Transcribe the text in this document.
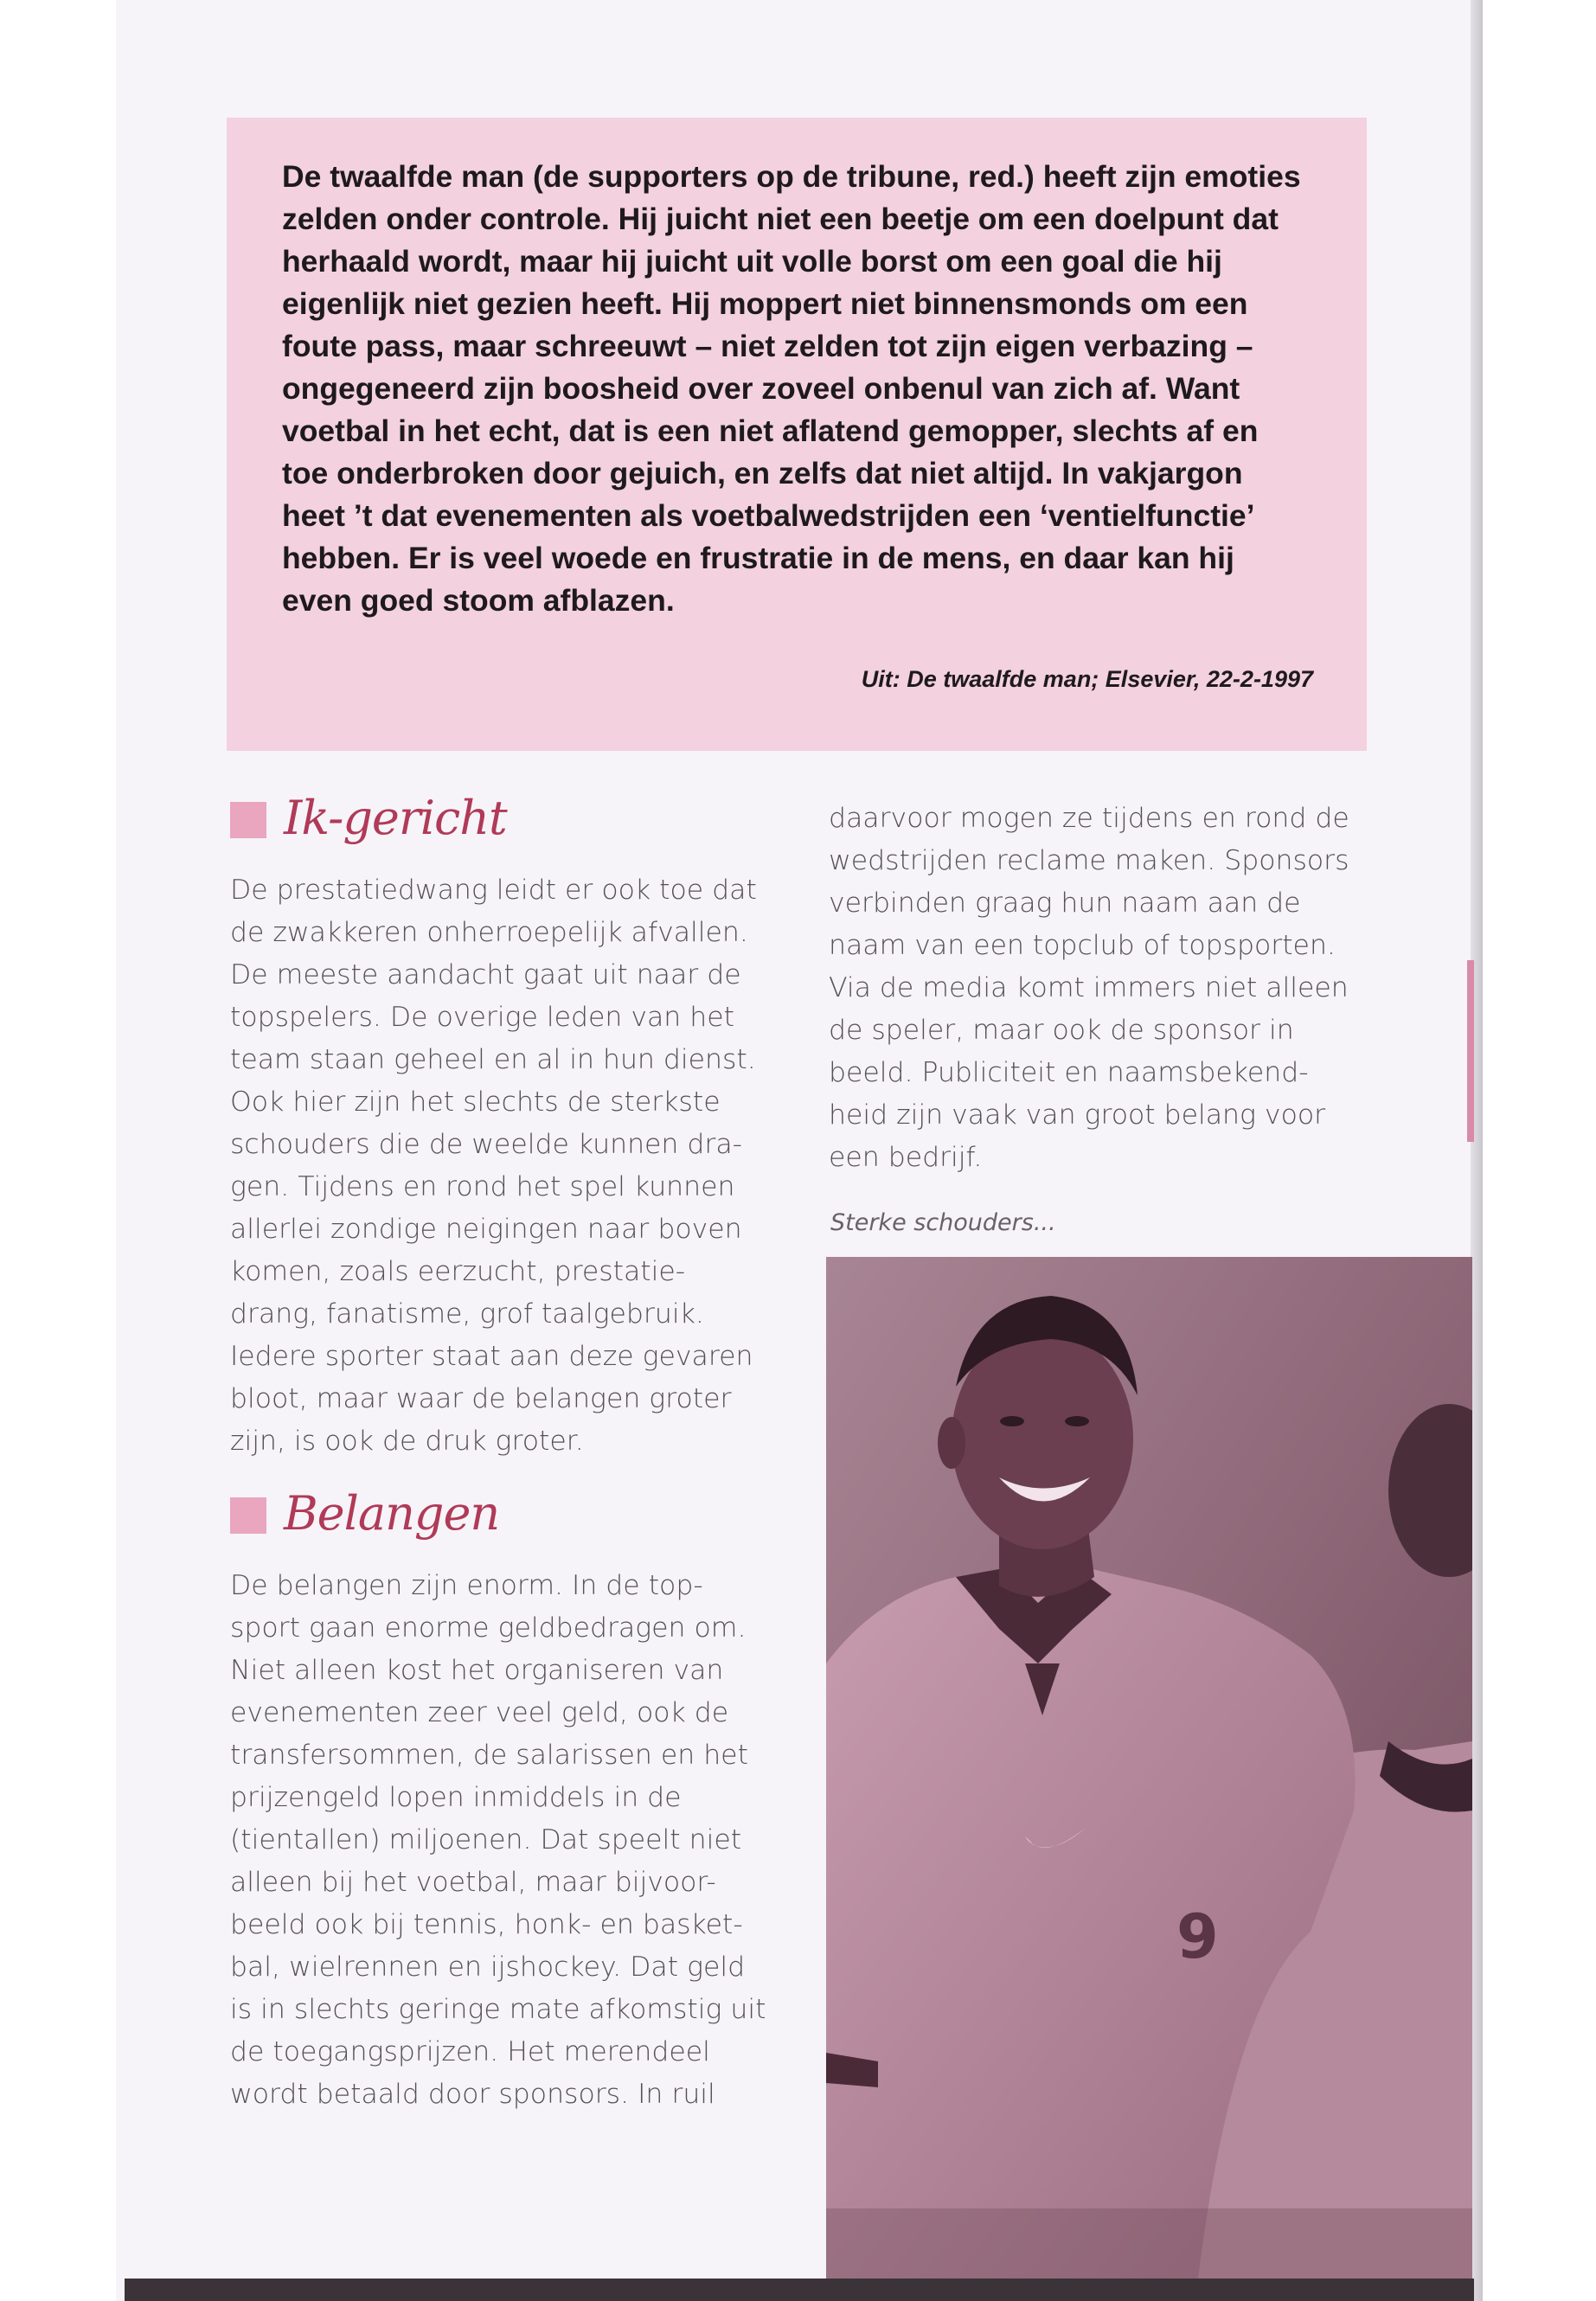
De twaalfde man (de supporters op de tribune, red.) heeft zijn emoties
zelden onder controle. Hij juicht niet een beetje om een doelpunt dat
herhaald wordt, maar hij juicht uit volle borst om een goal die hij
eigenlijk niet gezien heeft. Hij moppert niet binnensmonds om een
foute pass, maar schreeuwt – niet zelden tot zijn eigen verbazing –
ongegeneerd zijn boosheid over zoveel onbenul van zich af. Want
voetbal in het echt, dat is een niet aflatend gemopper, slechts af en
toe onderbroken door gejuich, en zelfs dat niet altijd. In vakjargon
heet ’t dat evenementen als voetbalwedstrijden een ‘ventielfunctie’
hebben. Er is veel woede en frustratie in de mens, en daar kan hij
even goed stoom afblazen.

Uit: De twaalfde man; Elsevier, 22-2-1997

Ik-gericht

De prestatiedwang leidt er ook toe dat
de zwakkeren onherroepelijk afvallen.
De meeste aandacht gaat uit naar de
topspelers. De overige leden van het
team staan geheel en al in hun dienst.
Ook hier zijn het slechts de sterkste
schouders die de weelde kunnen dra-
gen. Tijdens en rond het spel kunnen
allerlei zondige neigingen naar boven
komen, zoals eerzucht, prestatie-
drang, fanatisme, grof taalgebruik.
Iedere sporter staat aan deze gevaren
bloot, maar waar de belangen groter
zijn, is ook de druk groter.

Belangen

De belangen zijn enorm. In de top-
sport gaan enorme geldbedragen om.
Niet alleen kost het organiseren van
evenementen zeer veel geld, ook de
transfersommen, de salarissen en het
prijzengeld lopen inmiddels in de
(tientallen) miljoenen. Dat speelt niet
alleen bij het voetbal, maar bijvoor-
beeld ook bij tennis, honk- en basket-
bal, wielrennen en ijshockey. Dat geld
is in slechts geringe mate afkomstig uit
de toegangsprijzen. Het merendeel
wordt betaald door sponsors. In ruil

daarvoor mogen ze tijdens en rond de
wedstrijden reclame maken. Sponsors
verbinden graag hun naam aan de
naam van een topclub of topsporten.
Via de media komt immers niet alleen
de speler, maar ook de sponsor in
beeld. Publiciteit en naamsbekend-
heid zijn vaak van groot belang voor
een bedrijf.

Sterke schouders...

9
